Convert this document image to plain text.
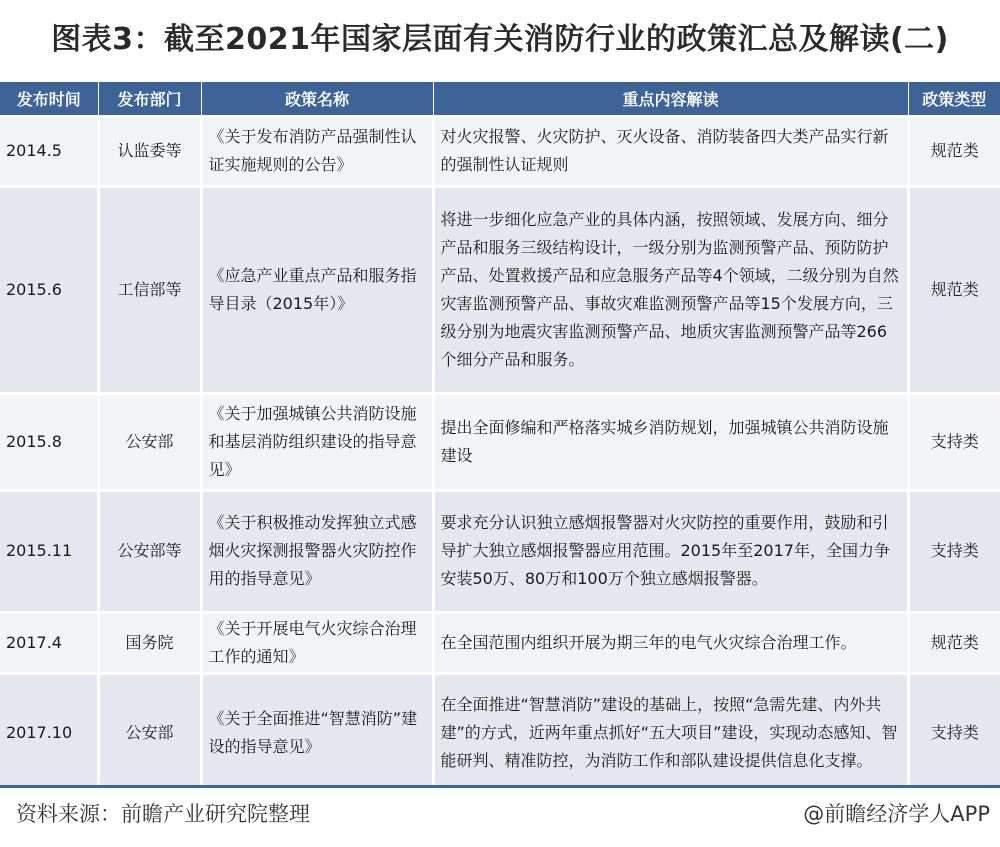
图表3：截至2021年国家层面有关消防行业的政策汇总及解读(二)
发布时间	发布部门	政策名称	重点内容解读	政策类型
2014.5	认监委等	《关于发布消防产品强制性认证实施规则的公告》	对火灾报警、火灾防护、灭火设备、消防装备四大类产品实行新的强制性认证规则	规范类
2015.6	工信部等	《应急产业重点产品和服务指导目录（2015年）》	将进一步细化应急产业的具体内涵，按照领域、发展方向、细分产品和服务三级结构设计，一级分别为监测预警产品、预防防护产品、处置救援产品和应急服务产品等4个领域，二级分别为自然灾害监测预警产品、事故灾难监测预警产品等15个发展方向，三级分别为地震灾害监测预警产品、地质灾害监测预警产品等266个细分产品和服务。	规范类
2015.8	公安部	《关于加强城镇公共消防设施和基层消防组织建设的指导意见》	提出全面修编和严格落实城乡消防规划，加强城镇公共消防设施建设	支持类
2015.11	公安部等	《关于积极推动发挥独立式感烟火灾探测报警器火灾防控作用的指导意见》	要求充分认识独立感烟报警器对火灾防控的重要作用，鼓励和引导扩大独立感烟报警器应用范围。2015年至2017年，全国力争安装50万、80万和100万个独立感烟报警器。	支持类
2017.4	国务院	《关于开展电气火灾综合治理工作的通知》	在全国范围内组织开展为期三年的电气火灾综合治理工作。	规范类
2017.10	公安部	《关于全面推进“智慧消防”建设的指导意见》	在全面推进“智慧消防”建设的基础上，按照“急需先建、内外共建”的方式，近两年重点抓好“五大项目”建设，实现动态感知、智能研判、精准防控，为消防工作和部队建设提供信息化支撑。	支持类
资料来源：前瞻产业研究院整理	@前瞻经济学人APP
